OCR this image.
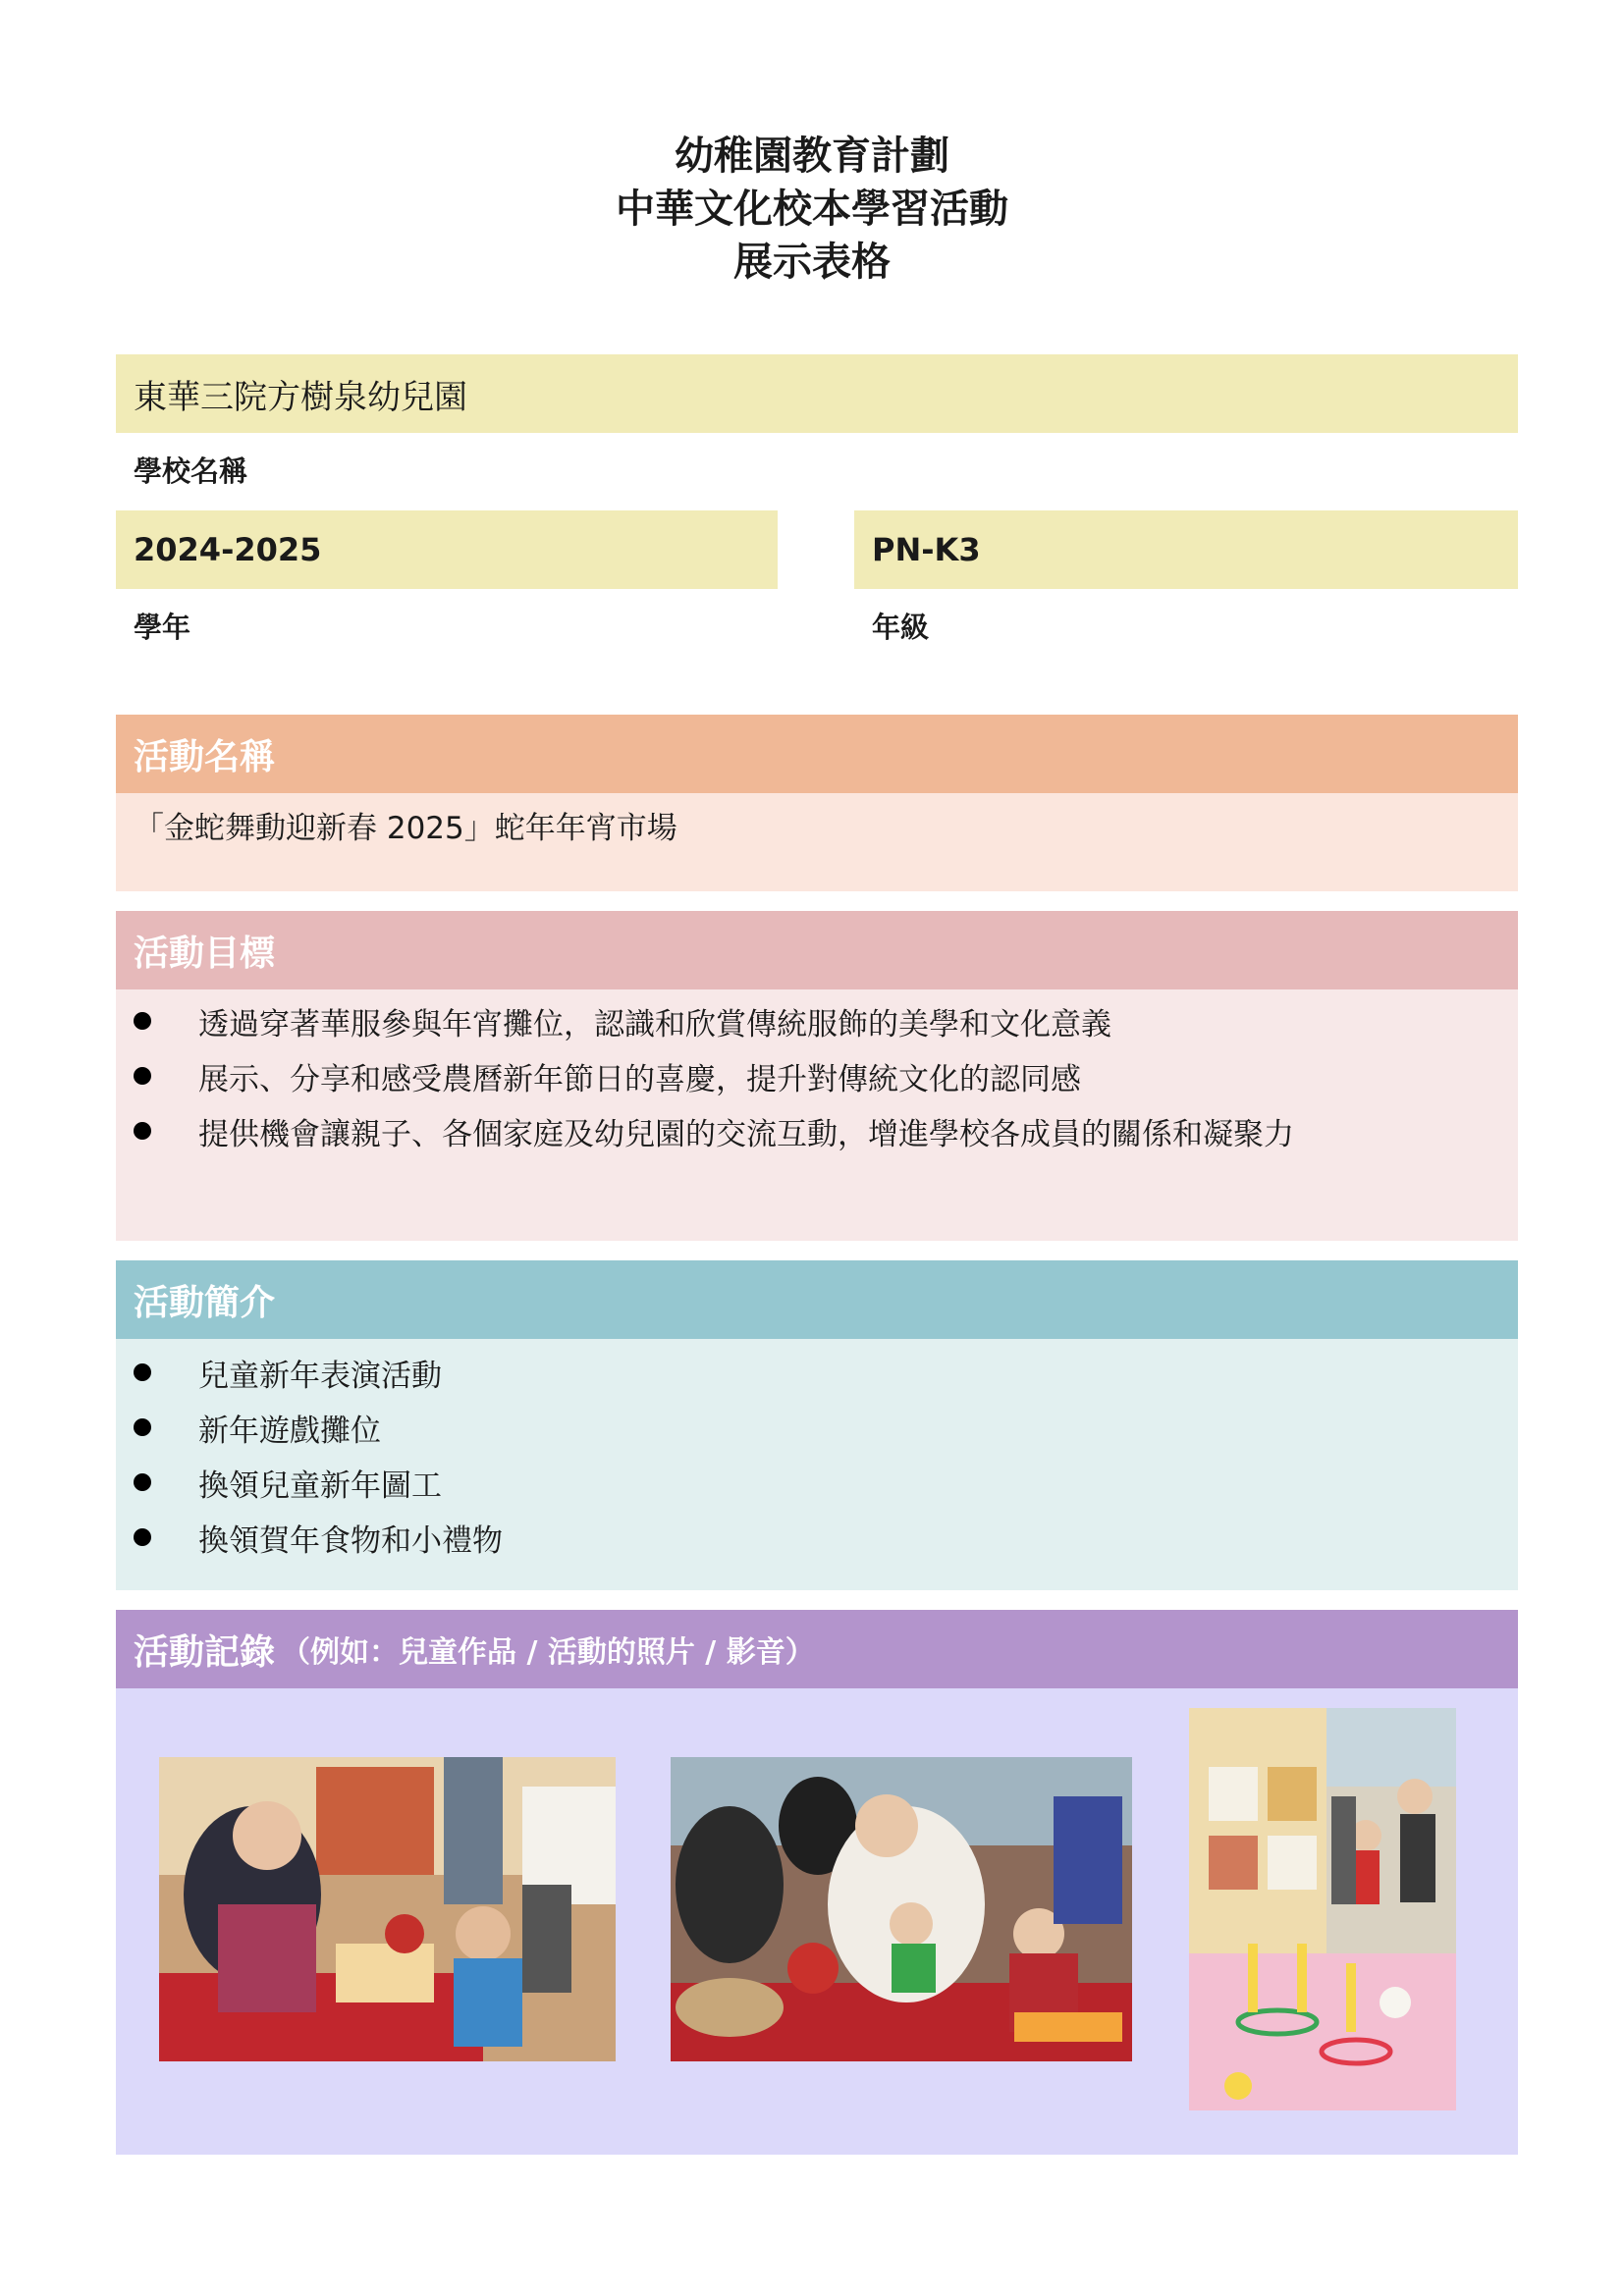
幼稚園教育計劃
中華文化校本學習活動
展示表格
東華三院方樹泉幼兒園
學校名稱
2024-2025
學年
PN-K3
年級
活動名稱
「金蛇舞動迎新春 2025」蛇年年宵市場
活動目標
透過穿著華服參與年宵攤位，認識和欣賞傳統服飾的美學和文化意義
展示、分享和感受農曆新年節日的喜慶，提升對傳統文化的認同感
提供機會讓親子、各個家庭及幼兒園的交流互動，增進學校各成員的關係和凝聚力
活動簡介
兒童新年表演活動
新年遊戲攤位
換領兒童新年圖工
換領賀年食物和小禮物
活動記錄 （例如：兒童作品 / 活動的照片 / 影音）
